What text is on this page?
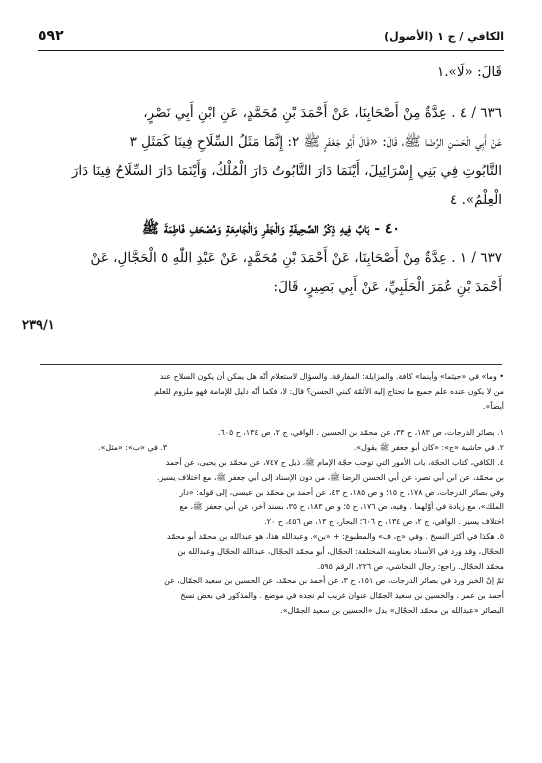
الكافي / ج ١ (الأصول)
٥٩٢

قَالَ: «لَا».١

٦٣٦ / ٤ . عِدَّةٌ مِنْ أَصْحَابِنَا، عَنْ أَحْمَدَ بْنِ مُحَمَّدٍ، عَنِ ابْنِ أَبِي نَصْرٍ،

عَنْ أَبِي الْحَسَنِ الرِّضَا ﷺ، قَالَ: «قَالَ أَبُو جَعْفَرٍ ﷺ ٢: إِنَّمَا مَثَلُ السِّلَاحِ فِينَا كَمَثَلِ ٣

التَّابُوتِ فِي بَنِي إِسْرَائِيلَ، أَيْنَمَا دَارَ التَّابُوتُ دَارَ الْمُلْكُ، وَأَيْنَمَا دَارَ السِّلَاحُ فِينَا دَارَ

الْعِلْمُ». ٤

٤٠ - بَابٌ فِيهِ ذِكْرُ الصَّحِيفَةِ وَالْجَفْرِ وَالْجَامِعَةِ وَمُصْحَفِ فَاطِمَةَ ﷺ

٦٣٧ / ١ . عِدَّةٌ مِنْ أَصْحَابِنَا، عَنْ أَحْمَدَ بْنِ مُحَمَّدٍ، عَنْ عَبْدِ اللّٰهِ ٥ الْحَجَّالِ، عَنْ

أَحْمَدَ بْنِ عُمَرَ الْحَلَبِيِّ، عَنْ أَبِي بَصِيرٍ، قَالَ:

٢٣٩/١

• وما» في «حيثما» وأينما» كافة. والمزايلة: المفارقة. والسؤال لاستعلام أنّه هل يمكن أن يكون السلاح عند

من لا يكون عنده علم جميع ما تحتاج إليه الأئمّة كبني الحسن؟ قال: لا، فكما أنّه دليل للإمامة فهو ملزوم للعلم

أيضاً».

١. بصائر الدرجات، ص ١٨٣، ح ٣٣، عن محمّد بن الحسين . الوافي، ج ٢، ص ١٣٤، ح ٦٠٥.

٢. في حاشية «ج»: «كان أبو جعفر ﷺ يقول».
٣. في «ب»: «مثل».

٤. الكافي، كتاب الحجّة، باب الأمور التي توجب حجّة الإمام ﷺ، ذيل ح ٧٤٧، عن محمّد بن يحيى، عن أحمد

بن محمّد، عن ابن أبي نصر، عن أبي الحسن الرضا ﷺ، من دون الإسناد إلى أبي جعفر ﷺ، مع اختلاف يسير.

وفي بصائر الدرجات، ص ١٧٨، ح ١٥؛ و ص ١٨٥، ح ٤٣، عن أحمد بن محمّد بن عيسى، إلى قوله: «دار

الملك»، مع زيادة في أوّلهما . وفيه، ص ١٧٦، ح ٥؛ و ص ١٨٣، ح ٣٥، بسند آخر، عن أبي جعفر ﷺ، مع

اختلاف يسير . الوافي، ج ٢، ص ١٣٤، ح ٦٠٦؛ البحار، ج ١٣، ص ٤٥٦، ح ٢٠.

٥. هكذا في أكثر النسخ . وفي «ج، ف» والمطبوع: + «بن». وعبدالله هذا، هو عبدالله بن محمّد أبو محمّد

الحجّال، وقد ورد في الأسناد بعناوينه المختلفة: الحجّال، أبو محمّد الحجّال، عبدالله الحجّال وعبدالله بن

محمّد الحجّال. راجع: رجال النجاشي، ص ٢٢٦، الرقم ٥٩٥.

ثمّ إنّ الخبر ورد في بصائر الدرجات، ص ١٥١، ح ٣، عن أحمد بن محمّد، عن الحسين بن سعيد الجمّال، عن

أحمد بن عمر . والحسين بن سعيد الجمّال عنوان غريب لم نجده في موضع . والمذكور في بعض نسخ

البصائر «عبدالله بن محمّد الحجّال» بدل «الحسين بن سعيد الجمّال».
